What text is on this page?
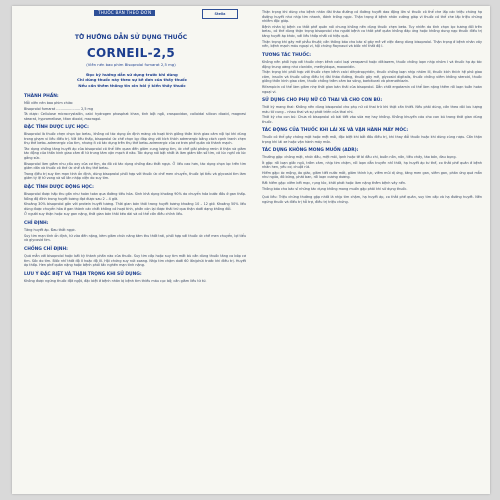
THUỐC BÁN THEO ĐƠN	Stella
TỜ HƯỚNG DẪN SỬ DỤNG THUỐC
CORNEIL-2,5
(Viên nén bao phim Bisoprolol fumarat 2,5 mg)
Đọc kỹ hướng dẫn sử dụng trước khi dùng
Chỉ dùng thuốc này theo sự kê đơn của thầy thuốc
Nếu cần thêm thông tin xin hỏi ý kiến thầy thuốc
THÀNH PHẦN:

Mỗi viên nén bao phim chứa:

Bisoprolol fumarat ...................... 2,5 mg

Tá dược: Cellulose microcrystallin, calci hydrogen phosphat khan, tinh bột ngô, crospovidon, colloidal silicon dioxid, magnesi stearat, hypromellose, titan dioxid, macrogol.

ĐẶC TÍNH DƯỢC LỰC HỌC:

Bisoprolol là thuốc chẹn chọn lọc beta₁, không có tác dụng ổn định màng và hoạt tính giống thần kinh giao cảm nội tại khi dùng trong phạm vi liều điều trị. Với liều thấp, bisoprolol ức chế chọn lọc đáp ứng với kích thích adrenergic bằng cách cạnh tranh chẹn thụ thể beta₁-adrenergic của tim, nhưng ít có tác dụng trên thụ thể beta₂-adrenergic của cơ trơn phế quản và thành mạch.

Tác dụng chống tăng huyết áp của bisoprolol có thể liên quan đến giảm cung lượng tim, ức chế giải phóng renin ở thận và giảm tác động của thần kinh giao cảm đi từ trung tâm vận mạch ở não. Tác dụng nổi bật nhất là làm giảm tần số tim, cả lúc nghỉ và lúc gắng sức.

Bisoprolol làm giảm nhu cầu oxy của cơ tim, do đó có tác dụng chống đau thắt ngực. Ở liều cao hơn, tác dụng chọn lọc trên tim giảm dần và thuốc có thể ức chế cả thụ thể beta₂.

Trong điều trị suy tim mạn tính ổn định, dùng bisoprolol phối hợp với thuốc ức chế men chuyển, thuốc lợi tiểu và glycosid tim làm giảm tỷ lệ tử vong và số lần nhập viện do suy tim.

ĐẶC TÍNH DƯỢC ĐỘNG HỌC:

Bisoprolol được hấp thu gần như hoàn toàn qua đường tiêu hóa. Sinh khả dụng khoảng 90% do chuyển hóa bước đầu ở gan thấp. Nồng độ đỉnh trong huyết tương đạt được sau 2 – 4 giờ.

Khoảng 30% bisoprolol gắn với protein huyết tương. Thời gian bán thải trong huyết tương khoảng 10 – 12 giờ. Khoảng 50% liều dùng được chuyển hóa ở gan thành các chất không có hoạt tính, phần còn lại được thải trừ qua thận dưới dạng không đổi.

Ở người suy thận hoặc suy gan nặng, thời gian bán thải kéo dài và có thể cần điều chỉnh liều.

CHỈ ĐỊNH:

Tăng huyết áp. Đau thắt ngực.

Suy tim mạn tính ổn định, từ vừa đến nặng, kèm giảm chức năng tâm thu thất trái, phối hợp với thuốc ức chế men chuyển, lợi tiểu và glycosid tim.

CHỐNG CHỈ ĐỊNH:

Quá mẫn với bisoprolol hoặc bất kỳ thành phần nào của thuốc. Suy tim cấp hoặc suy tim mất bù cần dùng thuốc tăng co bóp cơ tim. Sốc do tim. Blốc nhĩ thất độ II hoặc độ III. Hội chứng suy nút xoang. Nhịp tim chậm dưới 60 lần/phút trước khi điều trị. Huyết áp thấp. Hen phế quản nặng hoặc bệnh phổi tắc nghẽn mạn tính nặng.

LƯU Ý ĐẶC BIỆT VÀ THẬN TRỌNG KHI SỬ DỤNG:

Không được ngừng thuốc đột ngột, đặc biệt ở bệnh nhân bị bệnh tim thiếu máu cục bộ; cần giảm liều từ từ.

Thận trọng khi dùng cho bệnh nhân đái tháo đường có đường huyết dao động lớn vì thuốc có thể che lấp các triệu chứng hạ đường huyết như nhịp tim nhanh, đánh trống ngực. Thận trọng ở bệnh nhân cường giáp vì thuốc có thể che lấp triệu chứng nhiễm độc giáp.

Bệnh nhân bị bệnh co thắt phế quản nói chung không nên dùng thuốc chẹn beta. Tuy nhiên do tính chọn lọc tương đối trên beta₁, có thể dùng thận trọng bisoprolol cho người bệnh co thắt phế quản không đáp ứng hoặc không dung nạp thuốc điều trị tăng huyết áp khác, với liều thấp nhất có hiệu quả.

Thận trọng khi gây mê phẫu thuật; cần thông báo cho bác sĩ gây mê về việc đang dùng bisoprolol. Thận trọng ở bệnh nhân vảy nến, bệnh mạch máu ngoại vi, hội chứng Raynaud và blốc nhĩ thất độ I.

TƯƠNG TÁC THUỐC:

Không nên phối hợp với thuốc chẹn kênh calci loại verapamil hoặc diltiazem, thuốc chống loạn nhịp nhóm I và thuốc hạ áp tác động trung ương như clonidin, methyldopa, moxonidin.

Thận trọng khi phối hợp với thuốc chẹn kênh calci dihydropyridin, thuốc chống loạn nhịp nhóm III, thuốc kích thích hệ phó giao cảm, insulin và thuốc uống điều trị đái tháo đường, thuốc gây mê, glycosid digitalis, thuốc chống viêm không steroid, thuốc giống thần kinh giao cảm, thuốc chống trầm cảm ba vòng, barbiturat và phenothiazin.

Rifampicin có thể làm giảm nhẹ thời gian bán thải của bisoprolol. Dẫn chất ergotamin có thể làm nặng thêm rối loạn tuần hoàn ngoại vi.

SỬ DỤNG CHO PHỤ NỮ CÓ THAI VÀ CHO CON BÚ:

Thời kỳ mang thai: Không nên dùng bisoprolol cho phụ nữ có thai trừ khi thật cần thiết. Nếu phải dùng, cần theo dõi lưu lượng máu tử cung – nhau thai và sự phát triển của thai nhi.

Thời kỳ cho con bú: Chưa rõ bisoprolol có bài tiết vào sữa mẹ hay không. Không khuyến cáo cho con bú trong thời gian dùng thuốc.

TÁC ĐỘNG CỦA THUỐC KHI LÁI XE VÀ VẬN HÀNH MÁY MÓC:

Thuốc có thể gây chóng mặt hoặc mệt mỏi, đặc biệt khi bắt đầu điều trị, khi thay đổi thuốc hoặc khi dùng cùng rượu. Cần thận trọng khi lái xe hoặc vận hành máy móc.

TÁC DỤNG KHÔNG MONG MUỐN (ADR):

Thường gặp: chóng mặt, nhức đầu, mệt mỏi, lạnh hoặc tê bì đầu chi, buồn nôn, nôn, tiêu chảy, táo bón, đau bụng.

Ít gặp: rối loạn giấc ngủ, trầm cảm, nhịp tim chậm, rối loạn dẫn truyền nhĩ thất, hạ huyết áp tư thế, co thắt phế quản ở bệnh nhân hen, yếu cơ, chuột rút.

Hiếm gặp: ác mộng, ảo giác, giảm tiết nước mắt, giảm thính lực, viêm mũi dị ứng, tăng men gan, viêm gan, phản ứng quá mẫn như ngứa, đỏ bừng, phát ban, rối loạn cương dương.

Rất hiếm gặp: viêm kết mạc, rụng tóc, khởi phát hoặc làm nặng thêm bệnh vảy nến.

Thông báo cho bác sĩ những tác dụng không mong muốn gặp phải khi sử dụng thuốc.

Quá liều: Triệu chứng thường gặp nhất là nhịp tim chậm, hạ huyết áp, co thắt phế quản, suy tim cấp và hạ đường huyết. Nên ngừng thuốc và điều trị hỗ trợ, điều trị triệu chứng.
